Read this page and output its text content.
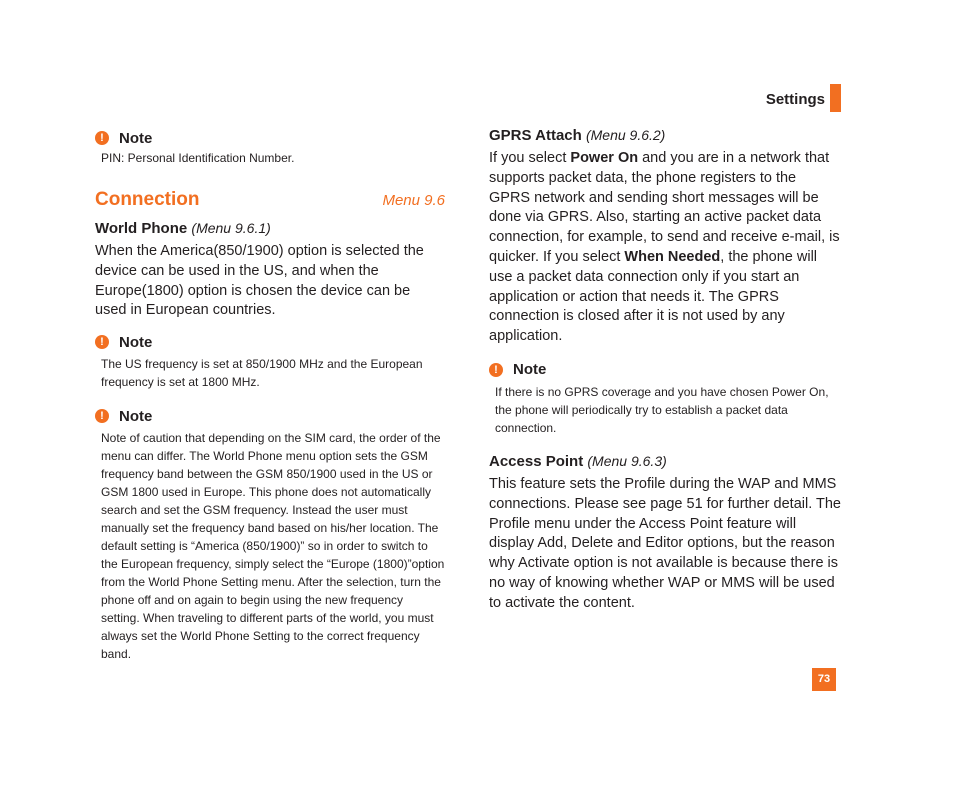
Settings
!	Note
PIN: Personal Identification Number.
Connection	Menu 9.6
World Phone (Menu 9.6.1)
When the America(850/1900) option is selected the device can be used in the US, and when the Europe(1800) option is chosen the device can be used in European countries.
!	Note
The US frequency is set at 850/1900 MHz and the European frequency is set at 1800 MHz.
!	Note
Note of caution that depending on the SIM card, the order of the menu can differ. The World Phone menu option sets the GSM frequency band between the GSM 850/1900 used in the US or GSM 1800 used in Europe. This phone does not automatically search and set the GSM frequency. Instead the user must manually set the frequency band based on his/her location. The default setting is “America (850/1900)” so in order to switch to the European frequency, simply select the “Europe (1800)”option from the World Phone Setting menu. After the selection, turn the phone off and on again to begin using the new frequency setting. When traveling to different parts of the world, you must always set the World Phone Setting to the correct frequency band.
GPRS Attach (Menu 9.6.2)
If you select Power On and you are in a network that supports packet data, the phone registers to the GPRS network and sending short messages will be done via GPRS. Also, starting an active packet data connection, for example, to send and receive e-mail, is quicker. If you select When Needed, the phone will use a packet data connection only if you start an application or action that needs it. The GPRS connection is closed after it is not used by any application.
!	Note
If there is no GPRS coverage and you have chosen Power On, the phone will periodically try to establish a packet data connection.
Access Point (Menu 9.6.3)
This feature sets the Profile during the WAP and MMS connections. Please see page 51 for further detail. The Profile menu under the Access Point feature will display Add, Delete and Editor options, but the reason why Activate option is not available is because there is no way of knowing whether WAP or MMS will be used to activate the content.
73
